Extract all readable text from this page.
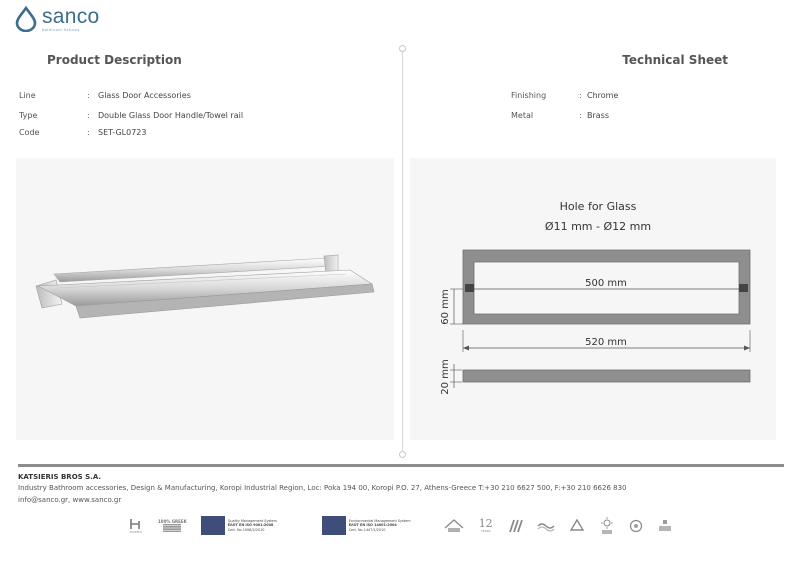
sanco
bathroom fixtures
Product Description	Technical Sheet
Line	:	Glass Door Accessories
Type	:	Double Glass Door Handle/Towel rail
Code	:	SET-GL0723
Finishing	: Chrome
Metal	: Brass
Hole for Glass
Ø11 mm - Ø12 mm
500 mm
60 mm
520 mm
20 mm
KATSIERIS BROS S.A.
Industry Bathroom accessories, Design & Manufacturing, Koropi Industrial Region, Loc: Poka 194 00, Koropi P.O. 27, Athens-Greece T:+30 210 6627 500, F:+30 210 6626 830
info@sanco.gr, www.sanco.gr
HOTELS
100% GREEK	Quality Management System
ΕΛΟΤ EN ISO 9001:2008
Cert. No 1008/2/2010
Environmental Management System
ΕΛΟΤ EN ISO 14001:2004
Cert. No 1447/1/2010	12
YEARS
